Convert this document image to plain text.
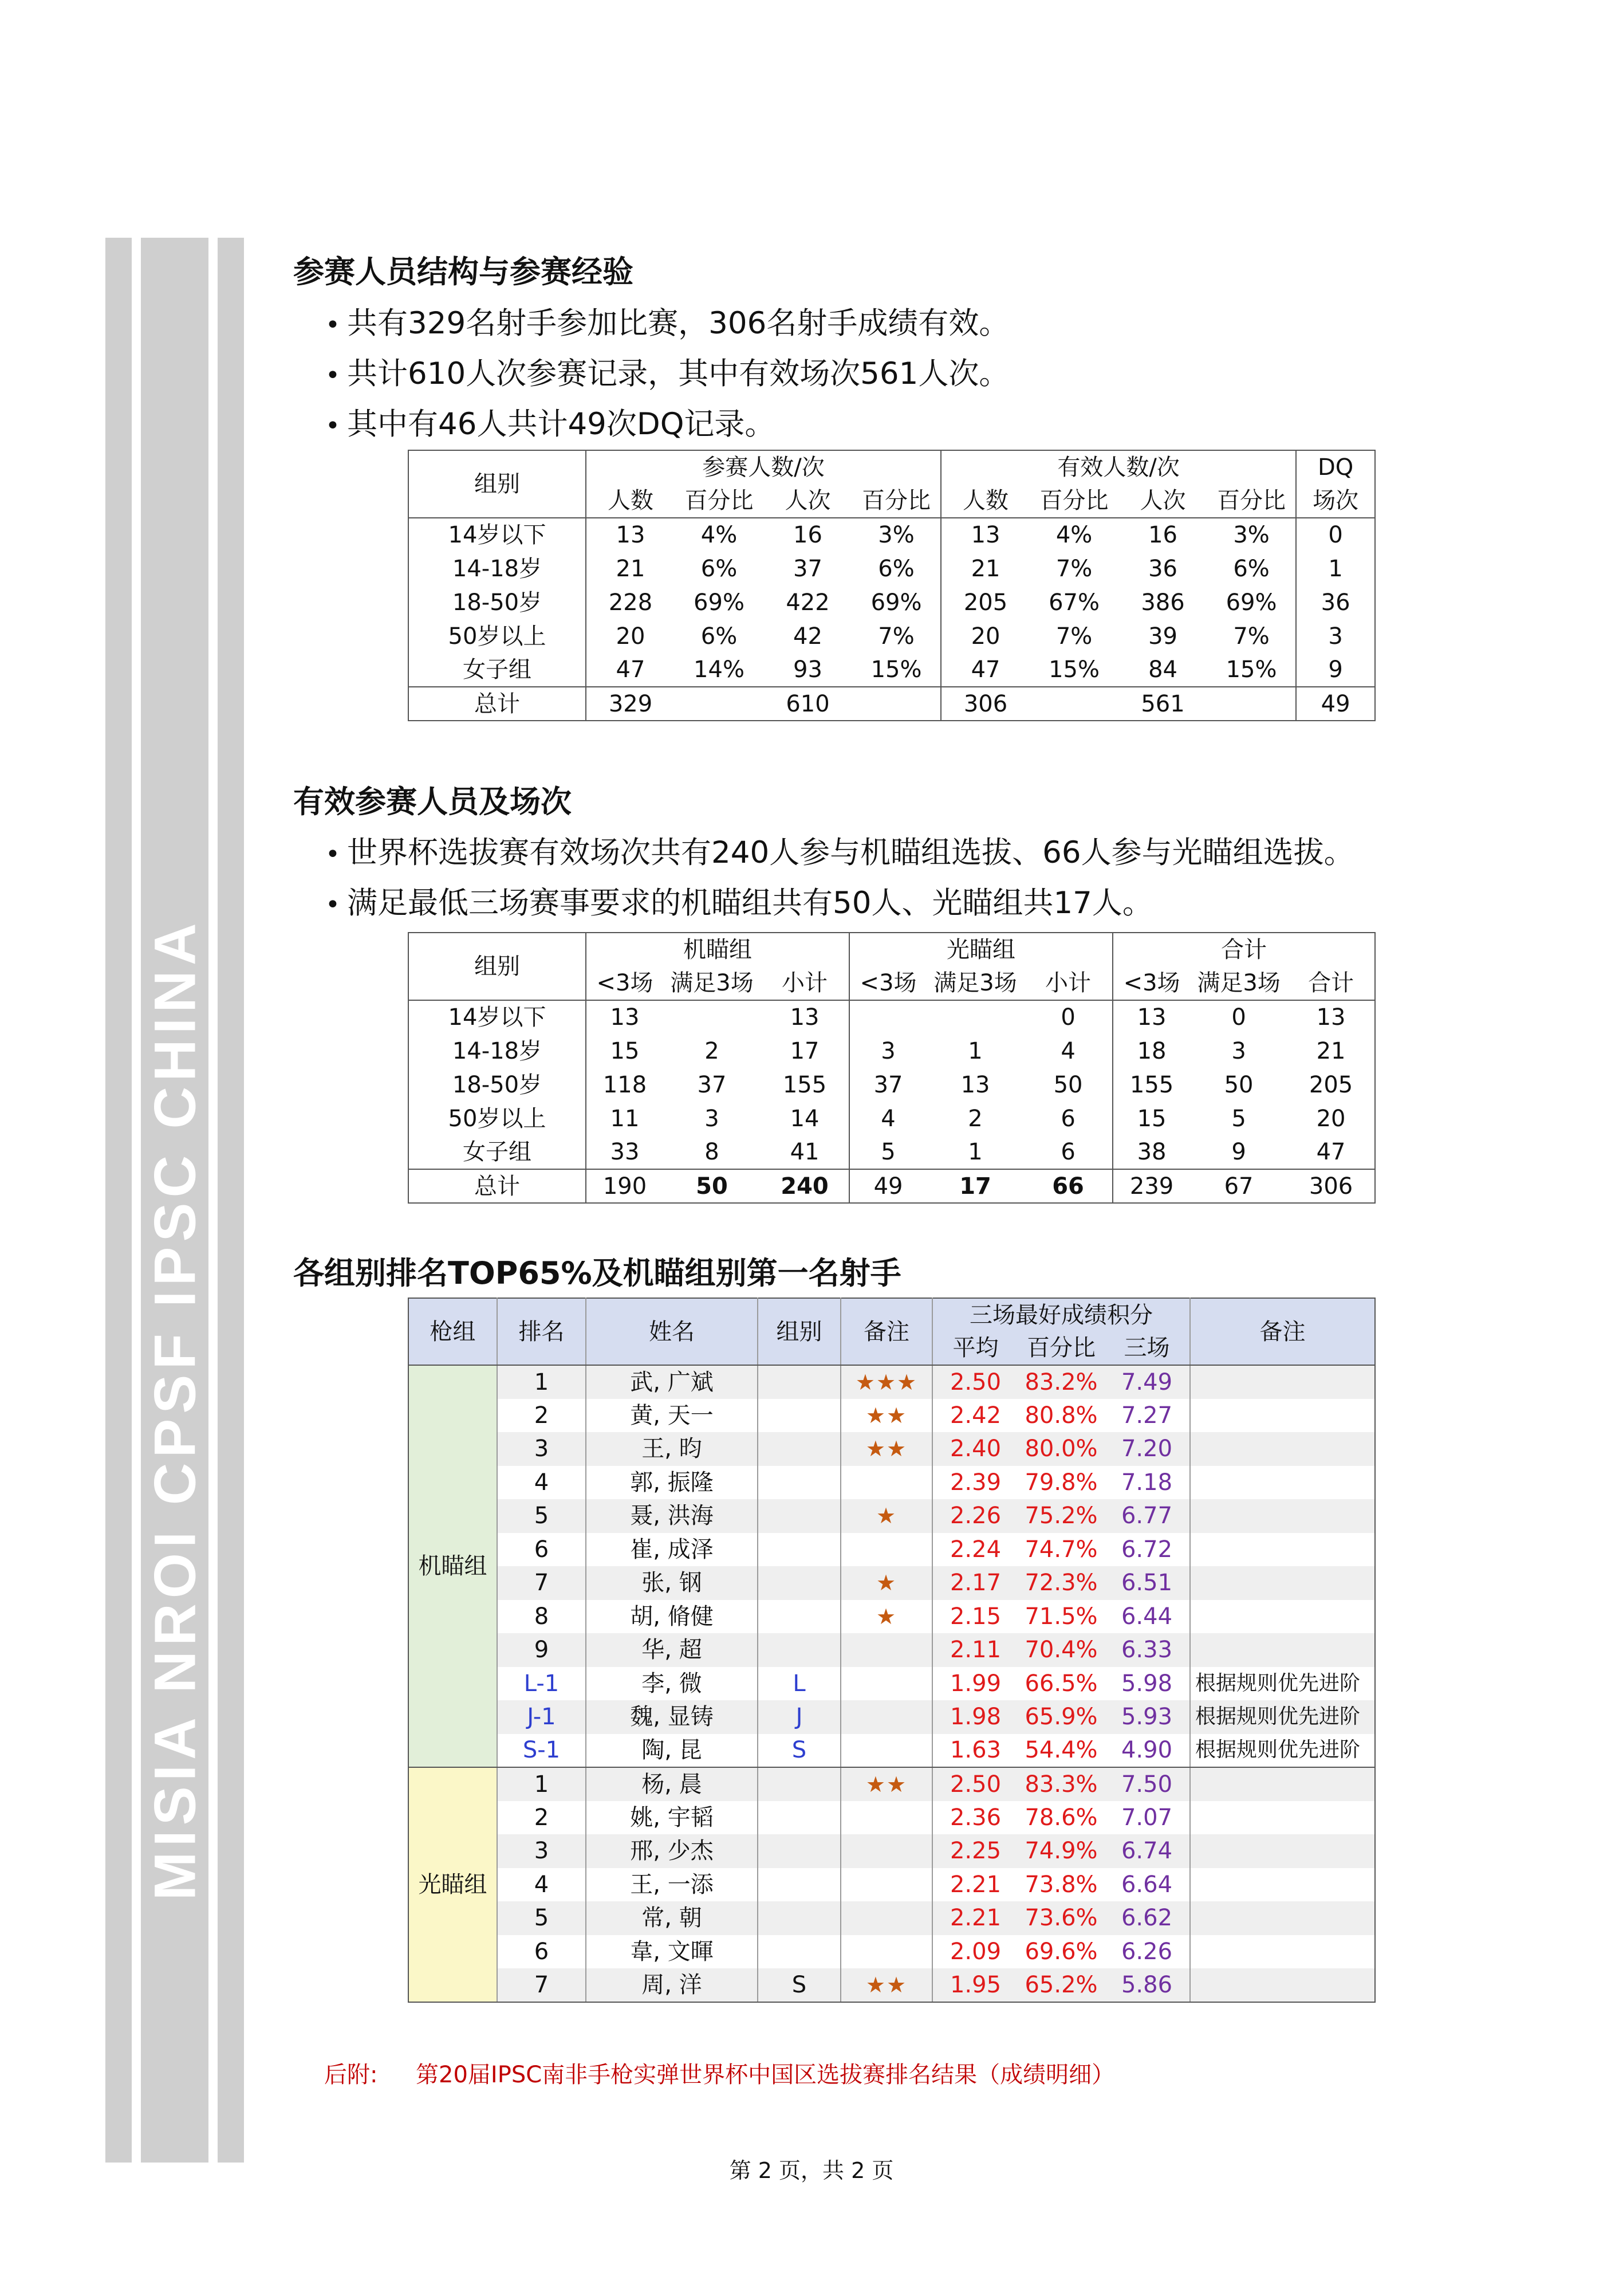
MISIA NROI CPSF IPSC CHINA
参赛人员结构与参赛经验
• 共有329名射手参加比赛，306名射手成绩有效。
• 共计610人次参赛记录，其中有效场次561人次。
• 其中有46人共计49次DQ记录。
组别	参赛人数/次				有效人数/次				DQ
	人数	百分比	人次	百分比	人数	百分比	人次	百分比	场次
14岁以下	13	4%	16	3%	13	4%	16	3%	0
14-18岁	21	6%	37	6%	21	7%	36	6%	1
18-50岁	228	69%	422	69%	205	67%	386	69%	36
50岁以上	20	6%	42	7%	20	7%	39	7%	3
女子组	47	14%	93	15%	47	15%	84	15%	9
总计	329		610		306		561		49
有效参赛人员及场次
• 世界杯选拔赛有效场次共有240人参与机瞄组选拔、66人参与光瞄组选拔。
• 满足最低三场赛事要求的机瞄组共有50人、光瞄组共17人。
组别	机瞄组			光瞄组			合计		
	<3场	满足3场	小计	<3场	满足3场	小计	<3场	满足3场	合计
14岁以下	13		13			0	13	0	13
14-18岁	15	2	17	3	1	4	18	3	21
18-50岁	118	37	155	37	13	50	155	50	205
50岁以上	11	3	14	4	2	6	15	5	20
女子组	33	8	41	5	1	6	38	9	47
总计	190	50	240	49	17	66	239	67	306
各组别排名TOP65%及机瞄组别第一名射手
枪组	排名	姓名	组别	备注	三场最好成绩积分			备注
					平均	百分比	三场	
机瞄组	1	武, 广斌		★★★	2.50	83.2%	7.49	
	2	黄, 天一		★★	2.42	80.8%	7.27	
	3	王, 昀		★★	2.40	80.0%	7.20	
	4	郭, 振隆			2.39	79.8%	7.18	
	5	聂, 洪海		★	2.26	75.2%	6.77	
	6	崔, 成泽			2.24	74.7%	6.72	
	7	张, 钢		★	2.17	72.3%	6.51	
	8	胡, 脩健		★	2.15	71.5%	6.44	
	9	华, 超			2.11	70.4%	6.33	
	L-1	李, 微	L		1.99	66.5%	5.98	根据规则优先进阶
	J-1	魏, 显铸	J		1.98	65.9%	5.93	根据规则优先进阶
	S-1	陶, 昆	S		1.63	54.4%	4.90	根据规则优先进阶
光瞄组	1	杨, 晨		★★	2.50	83.3%	7.50	
	2	姚, 宇韬			2.36	78.6%	7.07	
	3	邢, 少杰			2.25	74.9%	6.74	
	4	王, 一添			2.21	73.8%	6.64	
	5	常, 朝			2.21	73.6%	6.62	
	6	韋, 文暉			2.09	69.6%	6.26	
	7	周, 洋	S	★★	1.95	65.2%	5.86	
后附: 第20届IPSC南非手枪实弹世界杯中国区选拔赛排名结果（成绩明细）
第 2 页，共 2 页
